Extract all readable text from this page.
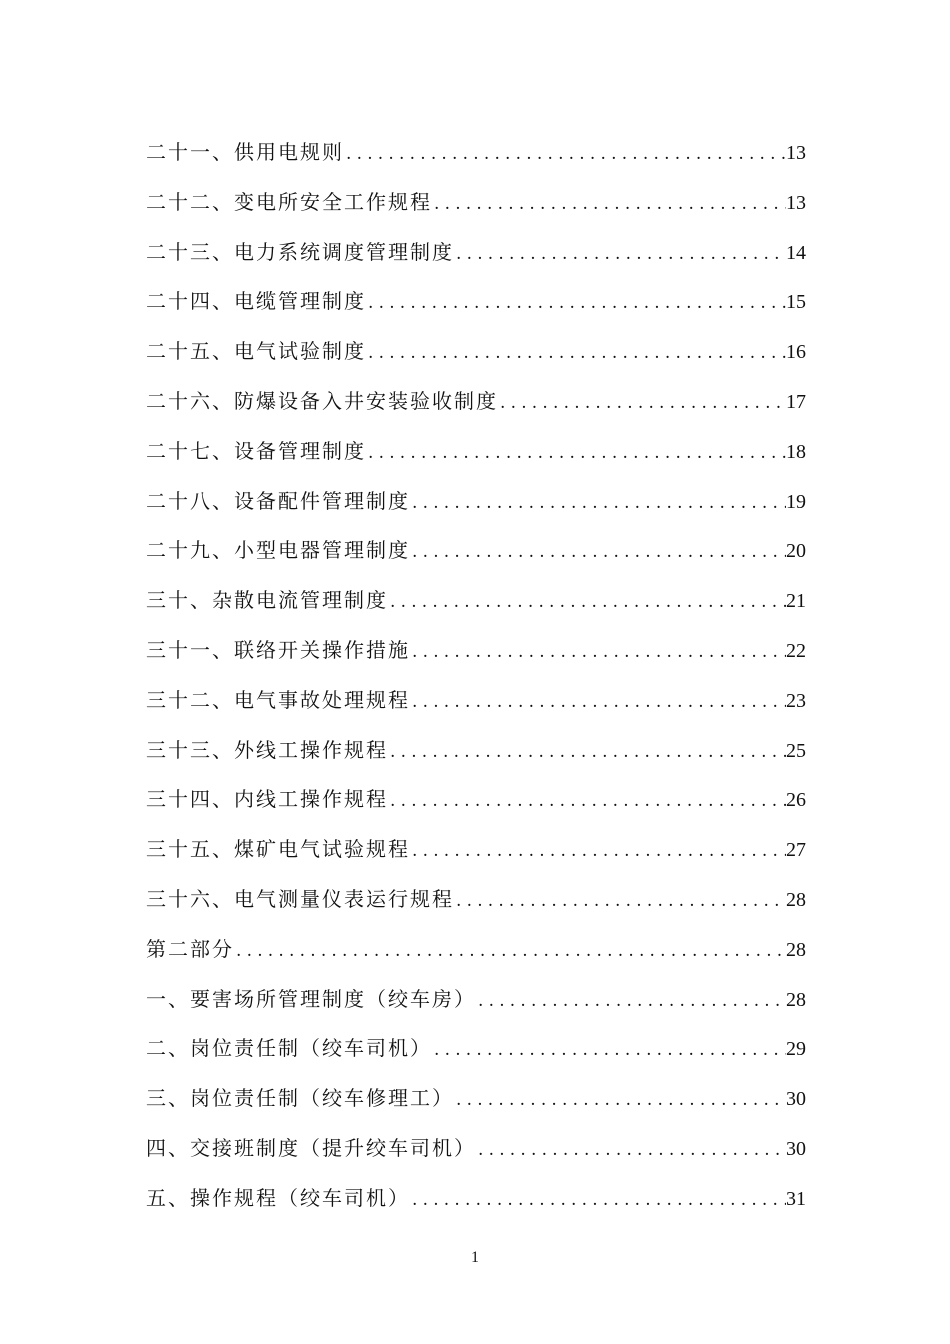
二十一、供用电规则 .....	13
二十二、变电所安全工作规程 .....	13
二十三、电力系统调度管理制度 .....	14
二十四、电缆管理制度 .....	15
二十五、电气试验制度 .....	16
二十六、防爆设备入井安装验收制度 .....	17
二十七、设备管理制度 .....	18
二十八、设备配件管理制度 .....	19
二十九、小型电器管理制度 .....	20
三十、杂散电流管理制度 .....	21
三十一、联络开关操作措施 .....	22
三十二、电气事故处理规程 .....	23
三十三、外线工操作规程 .....	25
三十四、内线工操作规程 .....	26
三十五、煤矿电气试验规程 .....	27
三十六、电气测量仪表运行规程 .....	28
第二部分 .....	28
一、要害场所管理制度（绞车房） .....	28
二、岗位责任制（绞车司机） .....	29
三、岗位责任制（绞车修理工） .....	30
四、交接班制度（提升绞车司机） .....	30
五、操作规程（绞车司机） .....	31
1
